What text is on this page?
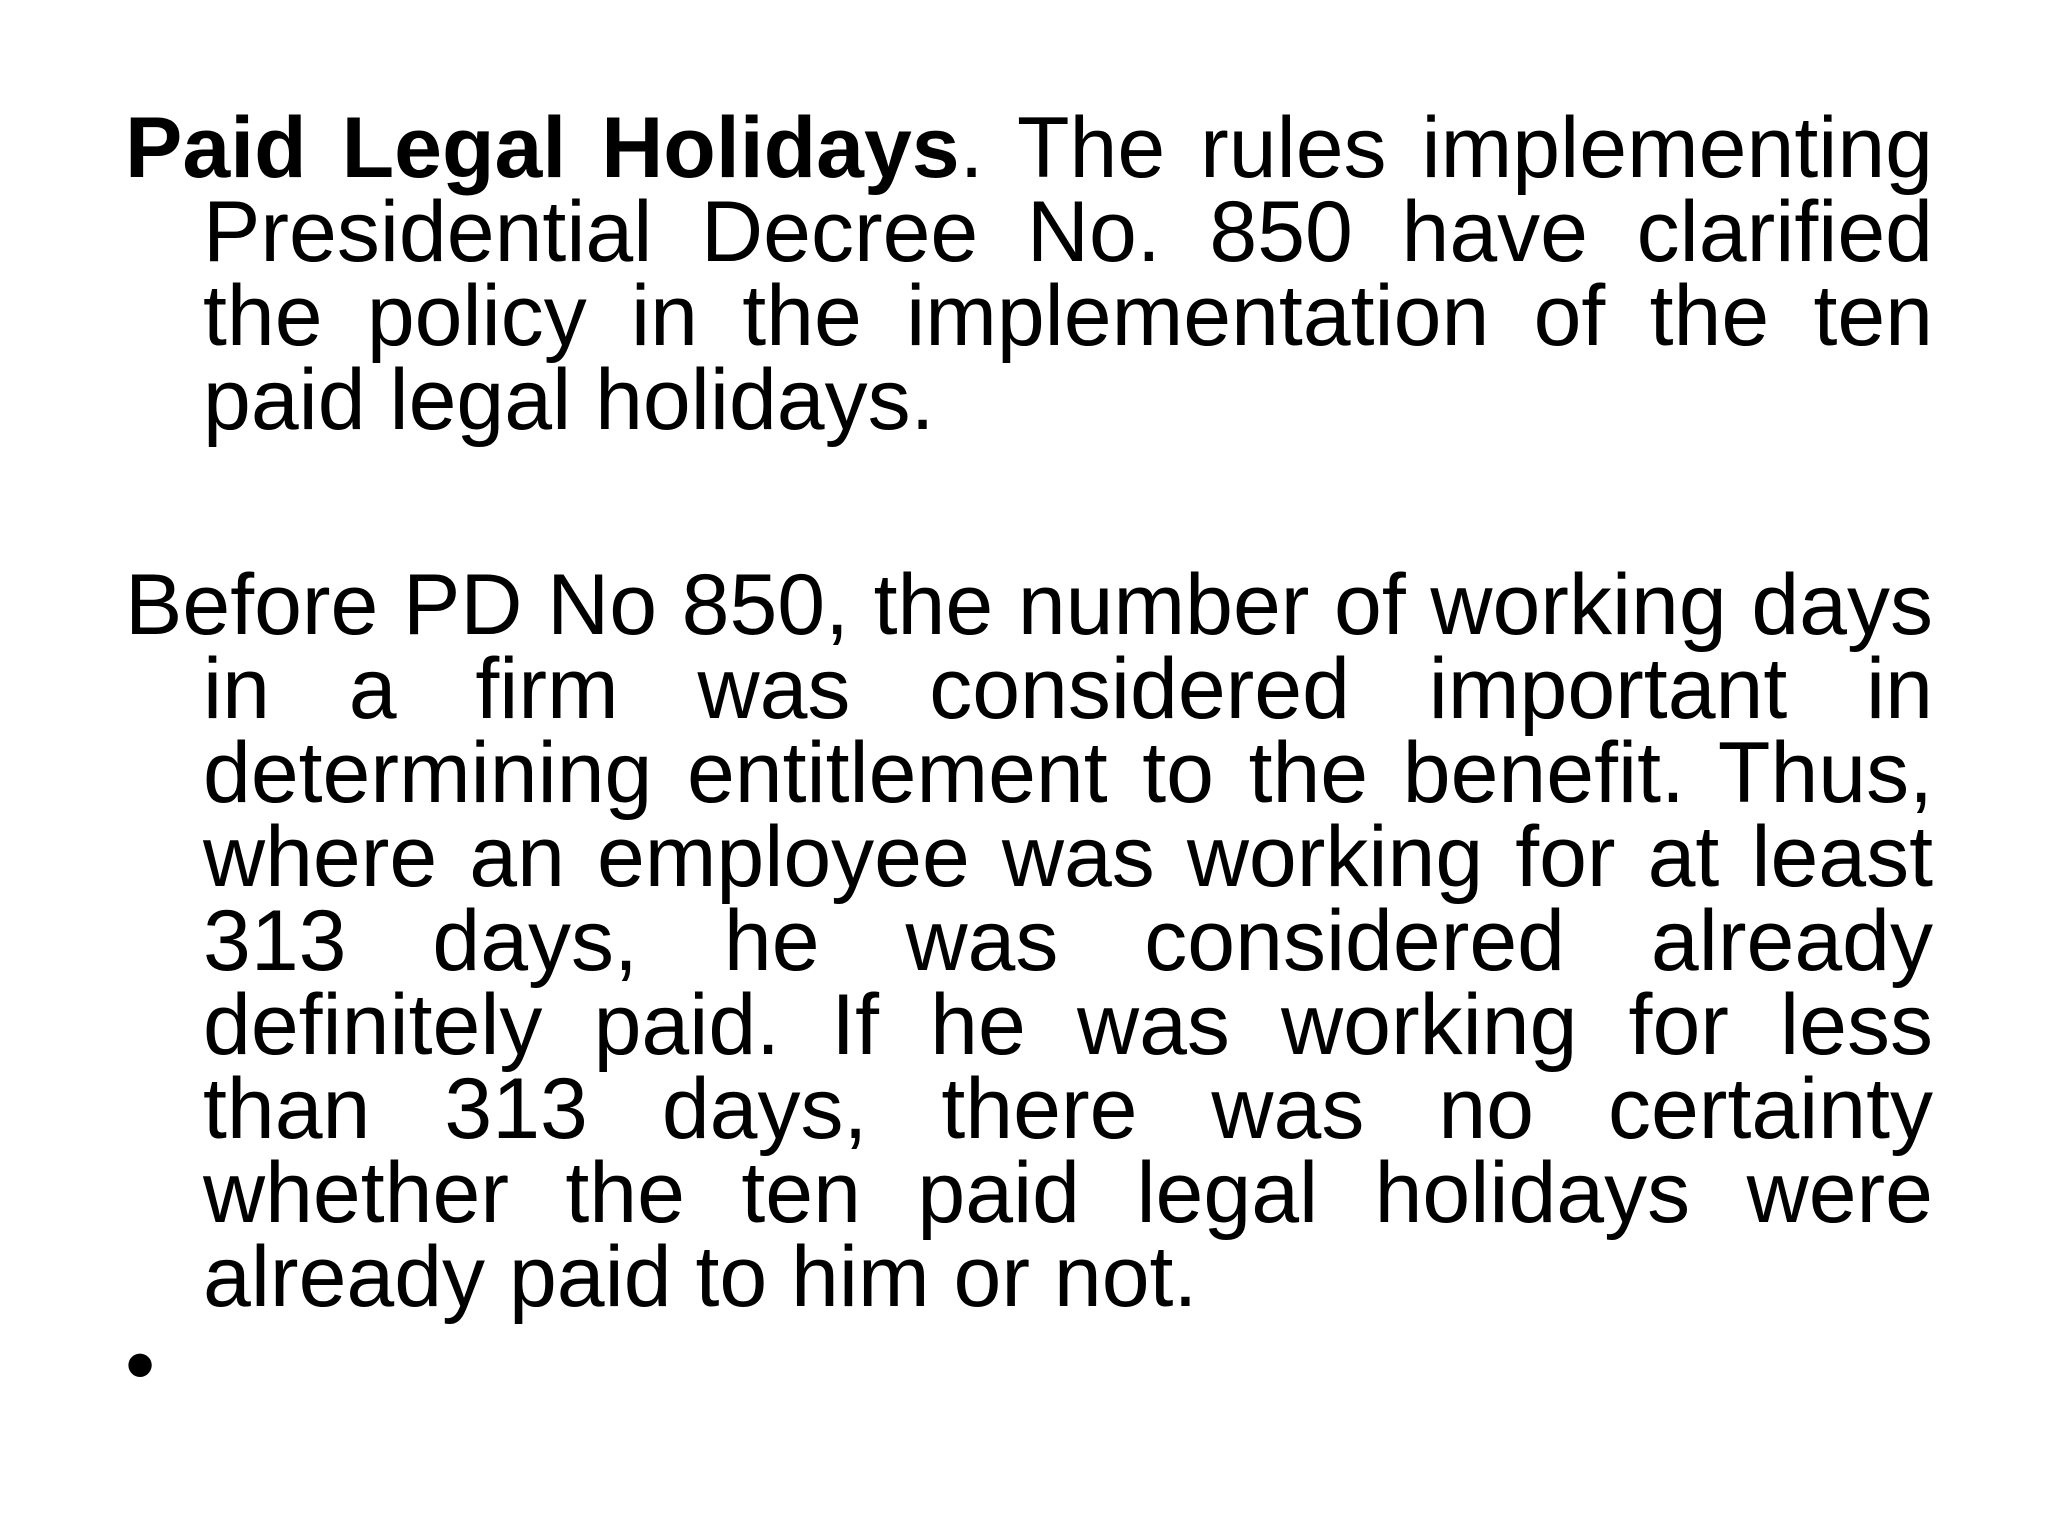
Paid Legal Holidays. The rules implementing Presidential Decree No. 850 have clarified the policy in the implementation of the ten paid legal holidays.

Before PD No 850, the number of working days in a firm was considered important in determining entitlement to the benefit. Thus, where an employee was working for at least 313 days, he was considered already definitely paid. If he was working for less than 313 days, there was no certainty whether the ten paid legal holidays were already paid to him or not.

•
